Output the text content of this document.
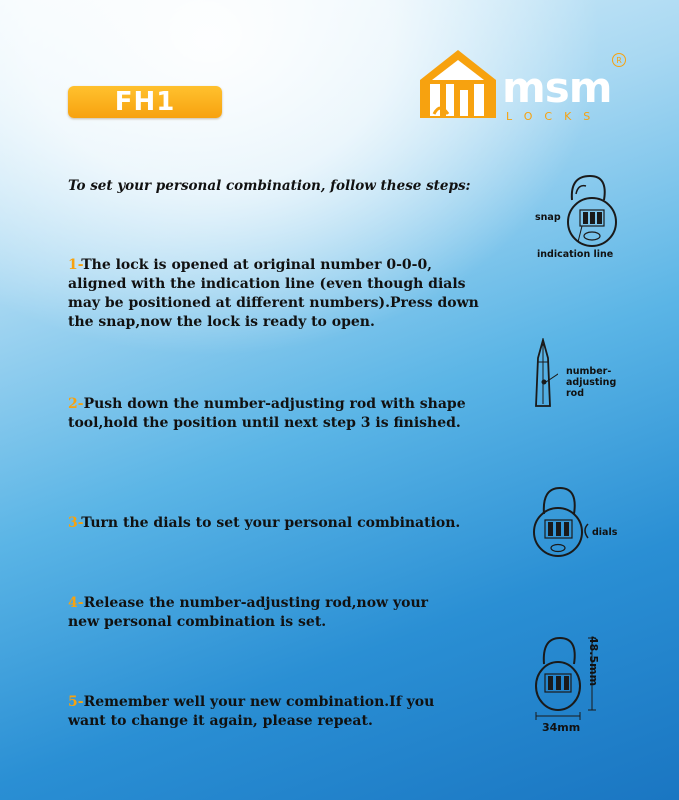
FH1	msm
LOCKS
R
To set your personal combination, follow these steps:
1-The lock is opened at original number 0-0-0, aligned with the indication line (even though dials may be positioned at different numbers).Press down the snap,now the lock is ready to open.
2-Push down the number-adjusting rod with shape tool,hold the position until next step 3 is finished.
3-Turn the dials to set your personal combination.
4-Release the number-adjusting rod,now your new personal combination is set.
5-Remember well your new combination.If you want to change it again, please repeat.
snap
indication line
number-
adjusting
rod
dials
48.5mm
34mm
